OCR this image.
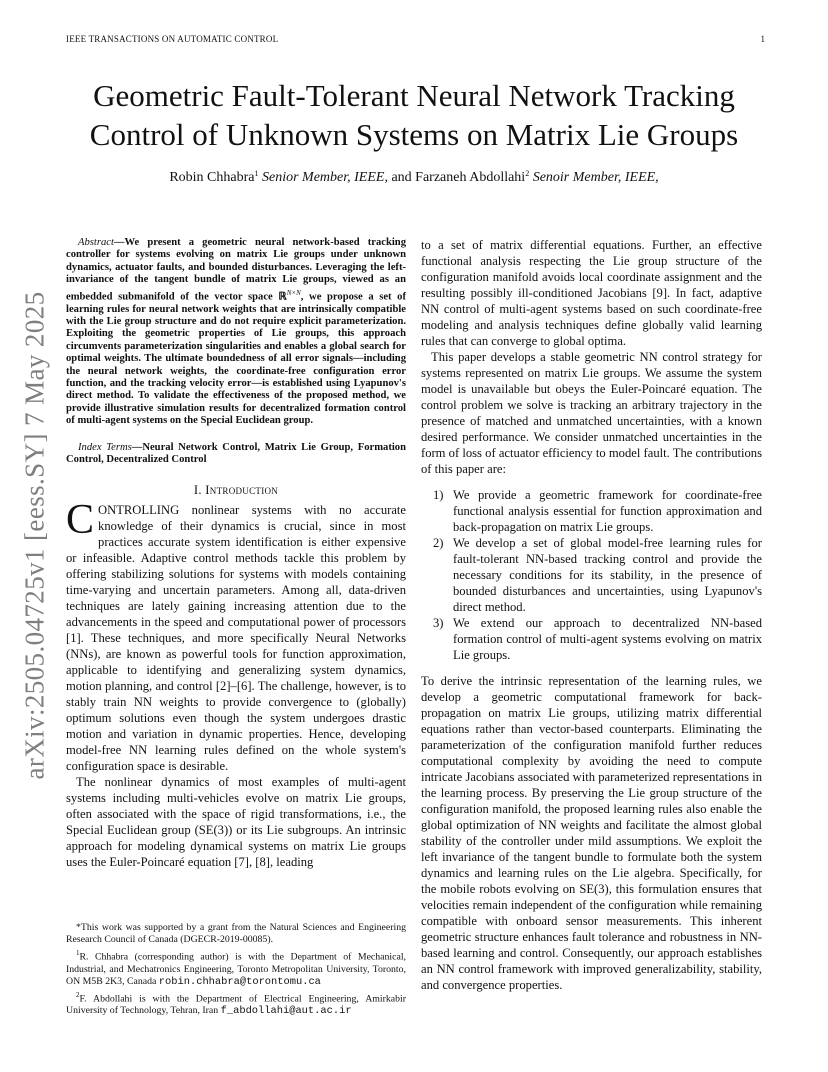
IEEE TRANSACTIONS ON AUTOMATIC CONTROL	1
arXiv:2505.04725v1 [eess.SY] 7 May 2025
Geometric Fault-Tolerant Neural Network Tracking
Control of Unknown Systems on Matrix Lie Groups
Robin Chhabra$^1$ Senior Member, IEEE, and Farzaneh Abdollahi$^2$ Senoir Member, IEEE,

Abstract—We present a geometric neural network-based tracking controller for systems evolving on matrix Lie groups under unknown dynamics, actuator faults, and bounded disturbances. Leveraging the left-invariance of the tangent bundle of matrix Lie groups, viewed as an embedded submanifold of the vector space ℝ$^{N\times N}$, we propose a set of learning rules for neural network weights that are intrinsically compatible with the Lie group structure and do not require explicit parameterization. Exploiting the geometric properties of Lie groups, this approach circumvents parameterization singularities and enables a global search for optimal weights. The ultimate boundedness of all error signals—including the neural network weights, the coordinate-free configuration error function, and the tracking velocity error—is established using Lyapunov's direct method. To validate the effectiveness of the proposed method, we provide illustrative simulation results for decentralized formation control of multi-agent systems on the Special Euclidean group.

Index Terms—Neural Network Control, Matrix Lie Group, Formation Control, Decentralized Control

I. Introduction

CONTROLLING nonlinear systems with no accurate knowledge of their dynamics is crucial, since in most practices accurate system identification is either expensive or infeasible. Adaptive control methods tackle this problem by offering stabilizing solutions for systems with models containing time-varying and uncertain parameters. Among all, data-driven techniques are lately gaining increasing attention due to the advancements in the speed and computational power of processors [1]. These techniques, and more specifically Neural Networks (NNs), are known as powerful tools for function approximation, applicable to identifying and generalizing system dynamics, motion planning, and control [2]–[6]. The challenge, however, is to stably train NN weights to provide convergence to (globally) optimum solutions even though the system undergoes drastic motion and variation in dynamic properties. Hence, developing model-free NN learning rules defined on the whole system's configuration space is desirable.

The nonlinear dynamics of most examples of multi-agent systems including multi-vehicles evolve on matrix Lie groups, often associated with the space of rigid transformations, i.e., the Special Euclidean group (SE(3)) or its Lie subgroups. An intrinsic approach for modeling dynamical systems on matrix Lie groups uses the Euler-Poincaré equation [7], [8], leading

*This work was supported by a grant from the Natural Sciences and Engineering Research Council of Canada (DGECR-2019-00085).

$^1$R. Chhabra (corresponding author) is with the Department of Mechanical, Industrial, and Mechatronics Engineering, Toronto Metropolitan University, Toronto, ON M5B 2K3, Canada robin.chhabra@torontomu.ca

$^2$F. Abdollahi is with the Department of Electrical Engineering, Amirkabir University of Technology, Tehran, Iran f_abdollahi@aut.ac.ir

to a set of matrix differential equations. Further, an effective functional analysis respecting the Lie group structure of the configuration manifold avoids local coordinate assignment and the resulting possibly ill-conditioned Jacobians [9]. In fact, adaptive NN control of multi-agent systems based on such coordinate-free modeling and analysis techniques define globally valid learning rules that can converge to global optima.

This paper develops a stable geometric NN control strategy for systems represented on matrix Lie groups. We assume the system model is unavailable but obeys the Euler-Poincaré equation. The control problem we solve is tracking an arbitrary trajectory in the presence of matched and unmatched uncertainties, with a known desired performance. We consider unmatched uncertainties in the form of loss of actuator efficiency to model fault. The contributions of this paper are:

1) We provide a geometric framework for coordinate-free functional analysis essential for function approximation and back-propagation on matrix Lie groups.
2) We develop a set of global model-free learning rules for fault-tolerant NN-based tracking control and provide the necessary conditions for its stability, in the presence of bounded disturbances and uncertainties, using Lyapunov's direct method.
3) We extend our approach to decentralized NN-based formation control of multi-agent systems evolving on matrix Lie groups.

To derive the intrinsic representation of the learning rules, we develop a geometric computational framework for back-propagation on matrix Lie groups, utilizing matrix differential equations rather than vector-based counterparts. Eliminating the parameterization of the configuration manifold further reduces computational complexity by avoiding the need to compute intricate Jacobians associated with parameterized representations in the learning process. By preserving the Lie group structure of the configuration manifold, the proposed learning rules also enable the global optimization of NN weights and facilitate the almost global stability of the controller under mild assumptions. We exploit the left invariance of the tangent bundle to formulate both the system dynamics and learning rules on the Lie algebra. Specifically, for the mobile robots evolving on SE(3), this formulation ensures that velocities remain independent of the configuration while remaining compatible with onboard sensor measurements. This inherent geometric structure enhances fault tolerance and robustness in NN-based learning and control. Consequently, our approach establishes an NN control framework with improved generalizability, stability, and convergence properties.
